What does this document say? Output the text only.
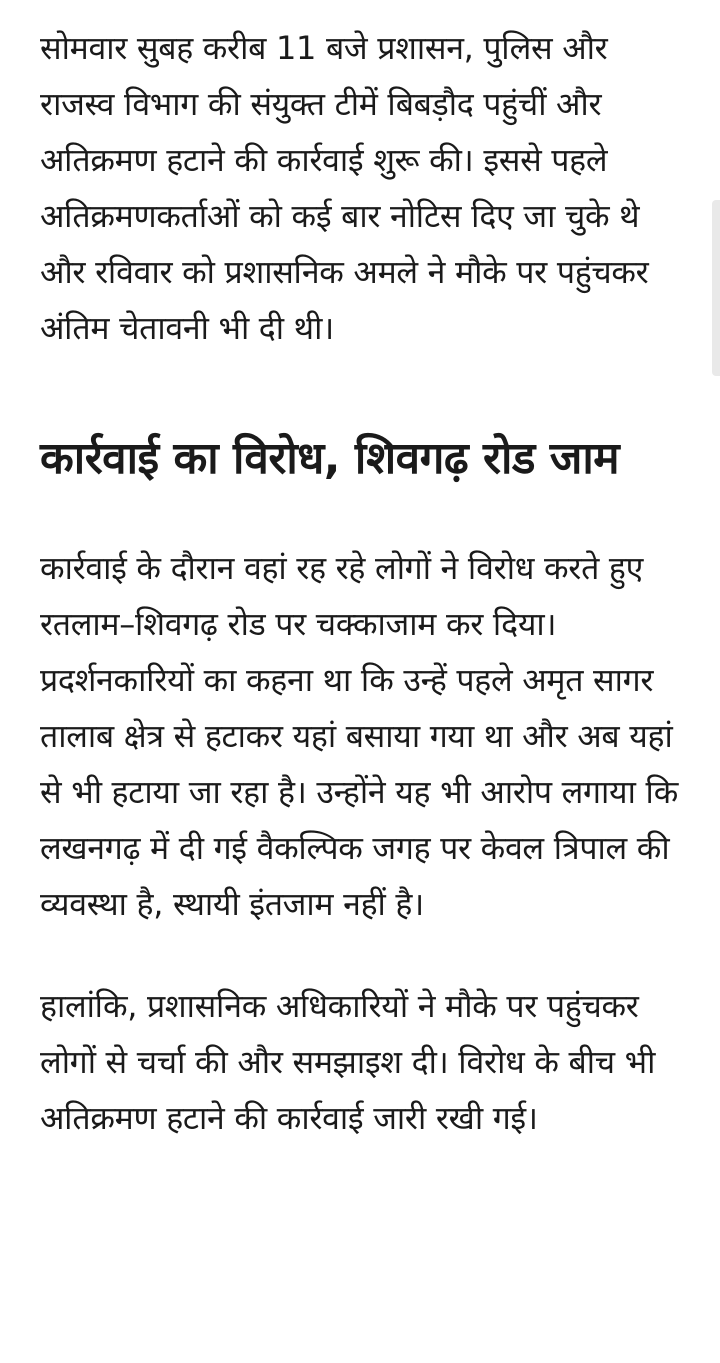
सोमवार सुबह करीब 11 बजे प्रशासन, पुलिस और राजस्व विभाग की संयुक्त टीमें बिबड़ौद पहुंचीं और अतिक्रमण हटाने की कार्रवाई शुरू की। इससे पहले अतिक्रमणकर्ताओं को कई बार नोटिस दिए जा चुके थे और रविवार को प्रशासनिक अमले ने मौके पर पहुंचकर अंतिम चेतावनी भी दी थी।

कार्रवाई का विरोध, शिवगढ़ रोड जाम

कार्रवाई के दौरान वहां रह रहे लोगों ने विरोध करते हुए रतलाम–शिवगढ़ रोड पर चक्काजाम कर दिया। प्रदर्शनकारियों का कहना था कि उन्हें पहले अमृत सागर तालाब क्षेत्र से हटाकर यहां बसाया गया था और अब यहां से भी हटाया जा रहा है। उन्होंने यह भी आरोप लगाया कि लखनगढ़ में दी गई वैकल्पिक जगह पर केवल त्रिपाल की व्यवस्था है, स्थायी इंतजाम नहीं है।

हालांकि, प्रशासनिक अधिकारियों ने मौके पर पहुंचकर लोगों से चर्चा की और समझाइश दी। विरोध के बीच भी अतिक्रमण हटाने की कार्रवाई जारी रखी गई।
